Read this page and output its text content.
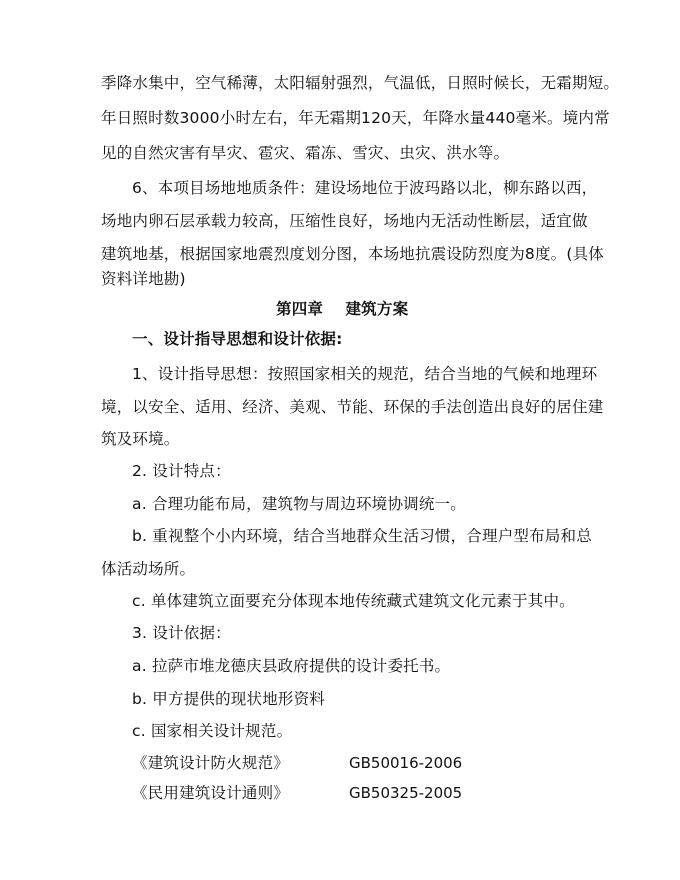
季降水集中，空气稀薄，太阳辐射强烈，气温低，日照时候长，无霜期短。
年日照时数3000小时左右，年无霜期120天，年降水量440毫米。境内常
见的自然灾害有旱灾、雹灾、霜冻、雪灾、虫灾、洪水等。
6、本项目场地地质条件：建设场地位于波玛路以北，柳东路以西，
场地内卵石层承载力较高，压缩性良好，场地内无活动性断层，适宜做
建筑地基，根据国家地震烈度划分图，本场地抗震设防烈度为8度。(具体
资料详地勘)
第四章    建筑方案
一、设计指导思想和设计依据:
1、设计指导思想：按照国家相关的规范，结合当地的气候和地理环
境，以安全、适用、经济、美观、节能、环保的手法创造出良好的居住建
筑及环境。
2. 设计特点：
a. 合理功能布局，建筑物与周边环境协调统一。
b. 重视整个小内环境，结合当地群众生活习惯，合理户型布局和总
体活动场所。
c. 单体建筑立面要充分体现本地传统藏式建筑文化元素于其中。
3. 设计依据：
a. 拉萨市堆龙德庆县政府提供的设计委托书。
b. 甲方提供的现状地形资料
c. 国家相关设计规范。
《建筑设计防火规范》	GB50016-2006
《民用建筑设计通则》	GB50325-2005
